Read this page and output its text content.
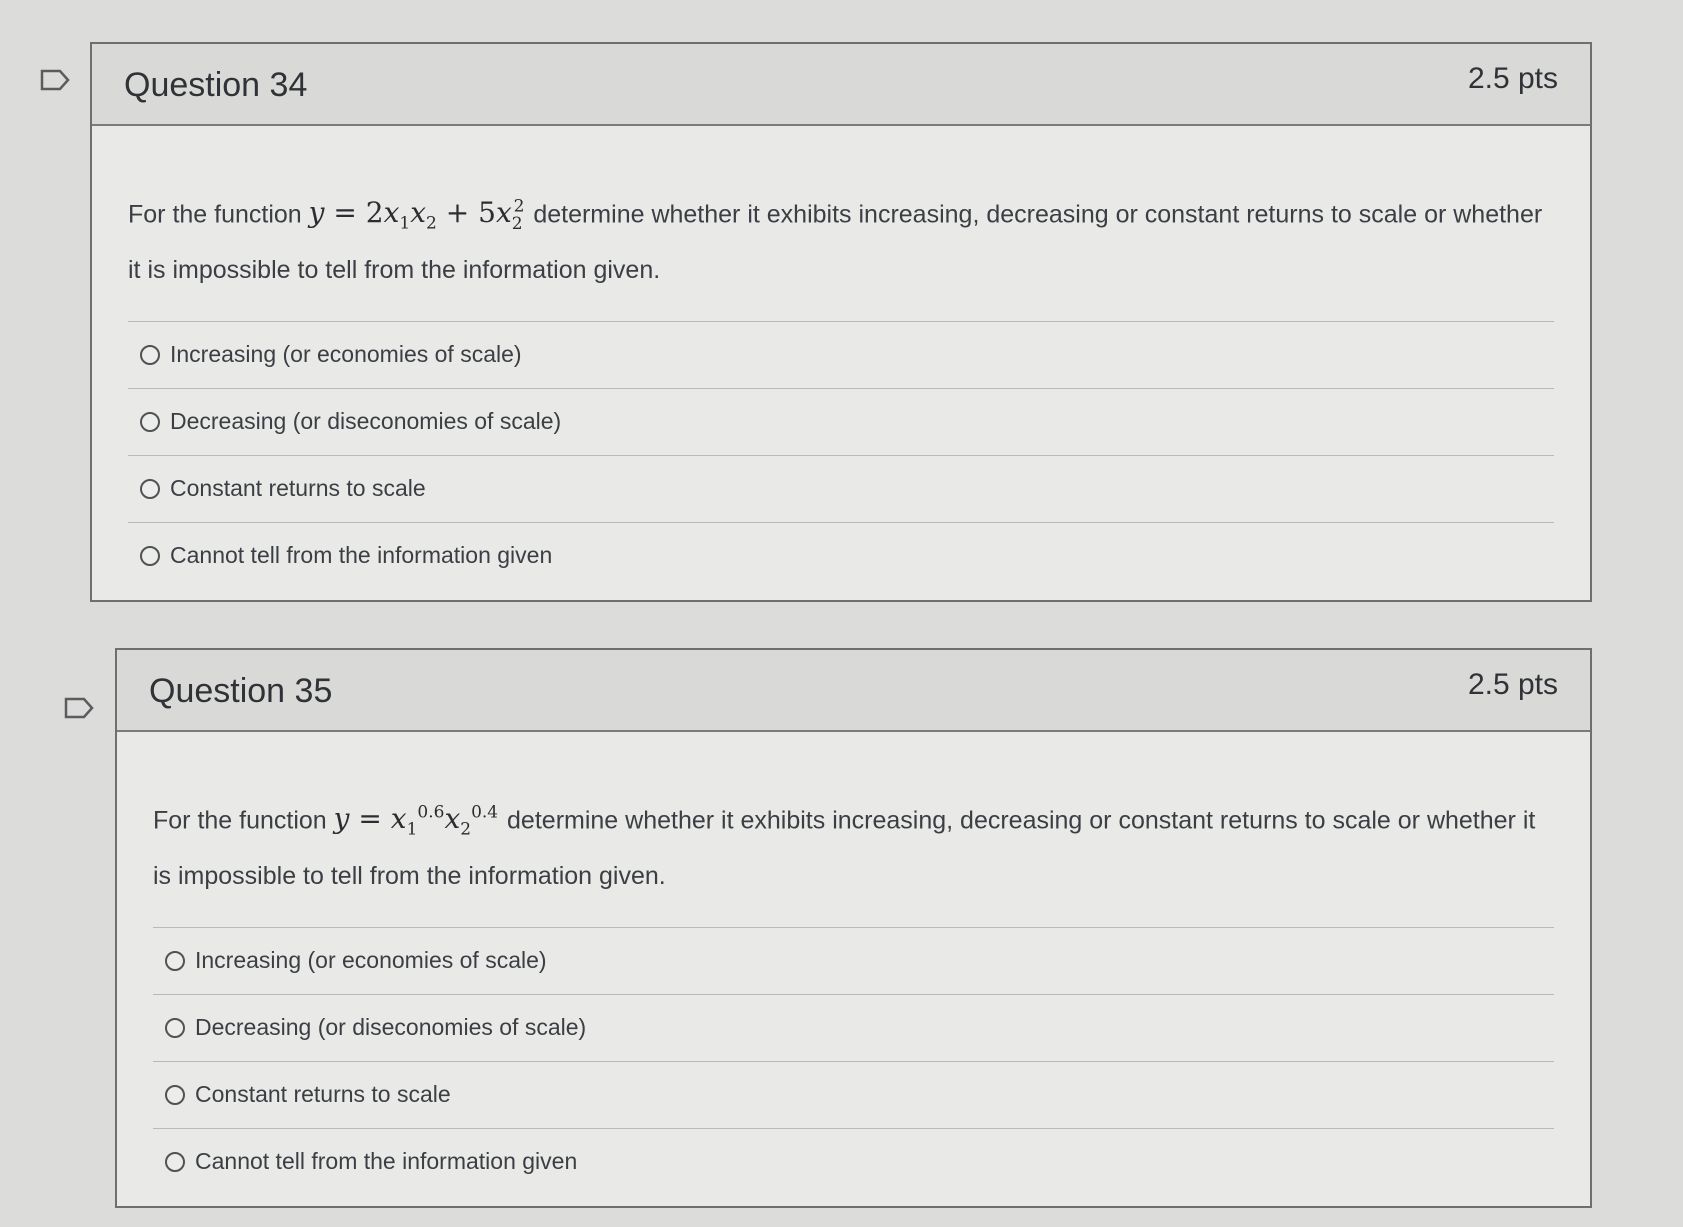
Question 34	2.5 pts
For the function $y = 2x_1x_2 + 5x_2^2$ determine whether it exhibits increasing, decreasing or constant returns to scale or whether it is impossible to tell from the information given.
Increasing (or economies of scale)
Decreasing (or diseconomies of scale)
Constant returns to scale
Cannot tell from the information given
Question 35	2.5 pts
For the function $y = x_1^{0.6}x_2^{0.4}$ determine whether it exhibits increasing, decreasing or constant returns to scale or whether it is impossible to tell from the information given.
Increasing (or economies of scale)
Decreasing (or diseconomies of scale)
Constant returns to scale
Cannot tell from the information given
